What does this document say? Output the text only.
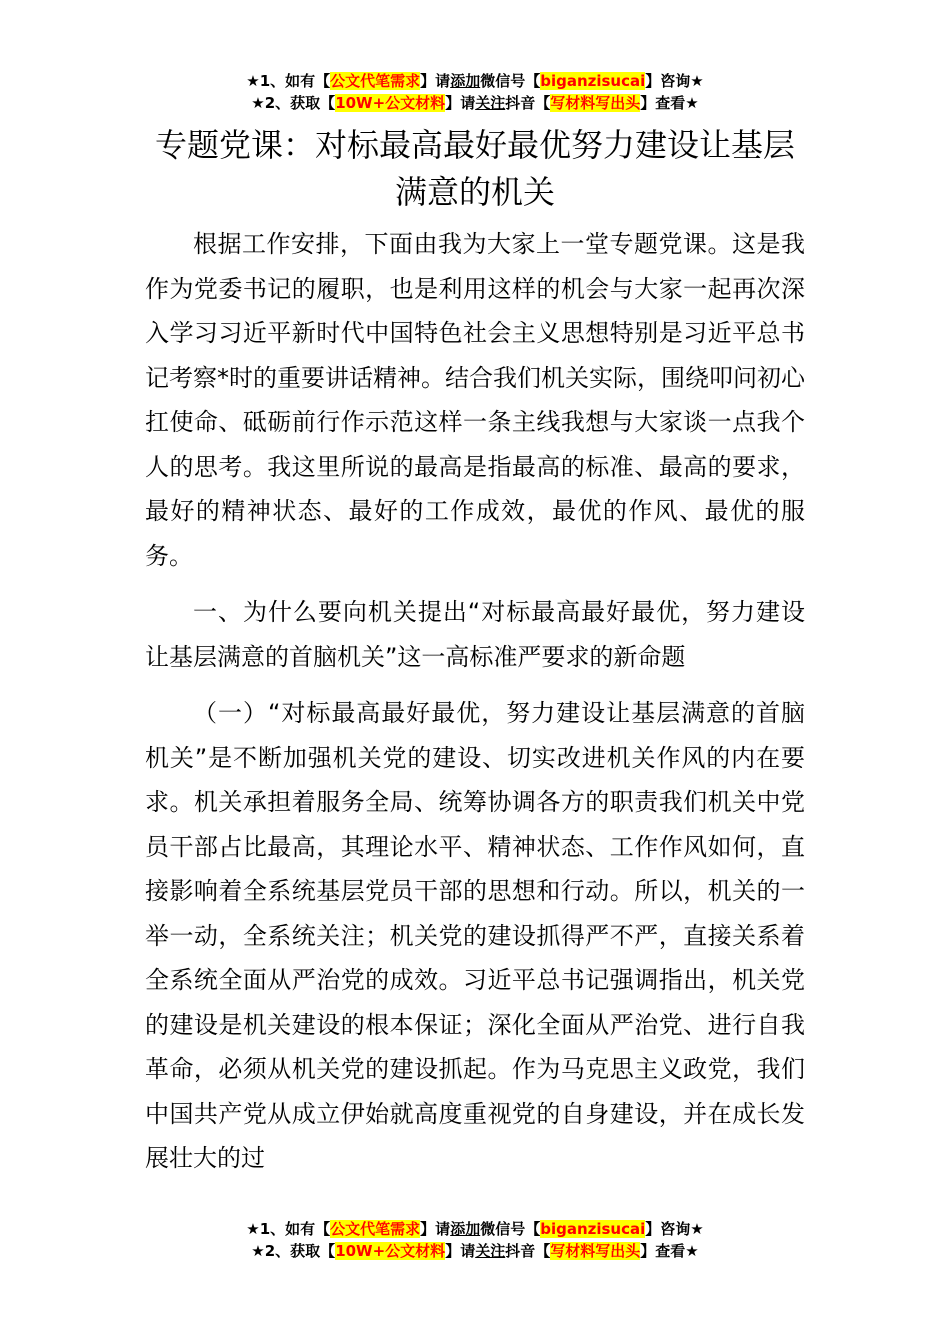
★1、如有【公文代笔需求】请添加微信号【biganzisucai】咨询★
★2、获取【10W+公文材料】请关注抖音【写材料写出头】查看★
专题党课：对标最高最好最优努力建设让基层满意的机关

根据工作安排，下面由我为大家上一堂专题党课。这是我作为党委书记的履职，也是利用这样的机会与大家一起再次深入学习习近平新时代中国特色社会主义思想特别是习近平总书记考察*时的重要讲话精神。结合我们机关实际，围绕叩问初心扛使命、砥砺前行作示范这样一条主线我想与大家谈一点我个人的思考。我这里所说的最高是指最高的标准、最高的要求，最好的精神状态、最好的工作成效，最优的作风、最优的服务。

一、为什么要向机关提出“对标最高最好最优，努力建设让基层满意的首脑机关”这一高标准严要求的新命题

（一）“对标最高最好最优，努力建设让基层满意的首脑机关”是不断加强机关党的建设、切实改进机关作风的内在要求。机关承担着服务全局、统筹协调各方的职责我们机关中党员干部占比最高，其理论水平、精神状态、工作作风如何，直接影响着全系统基层党员干部的思想和行动。所以，机关的一举一动，全系统关注；机关党的建设抓得严不严，直接关系着全系统全面从严治党的成效。习近平总书记强调指出，机关党的建设是机关建设的根本保证；深化全面从严治党、进行自我革命，必须从机关党的建设抓起。作为马克思主义政党，我们中国共产党从成立伊始就高度重视党的自身建设，并在成长发展壮大的过

★1、如有【公文代笔需求】请添加微信号【biganzisucai】咨询★
★2、获取【10W+公文材料】请关注抖音【写材料写出头】查看★
